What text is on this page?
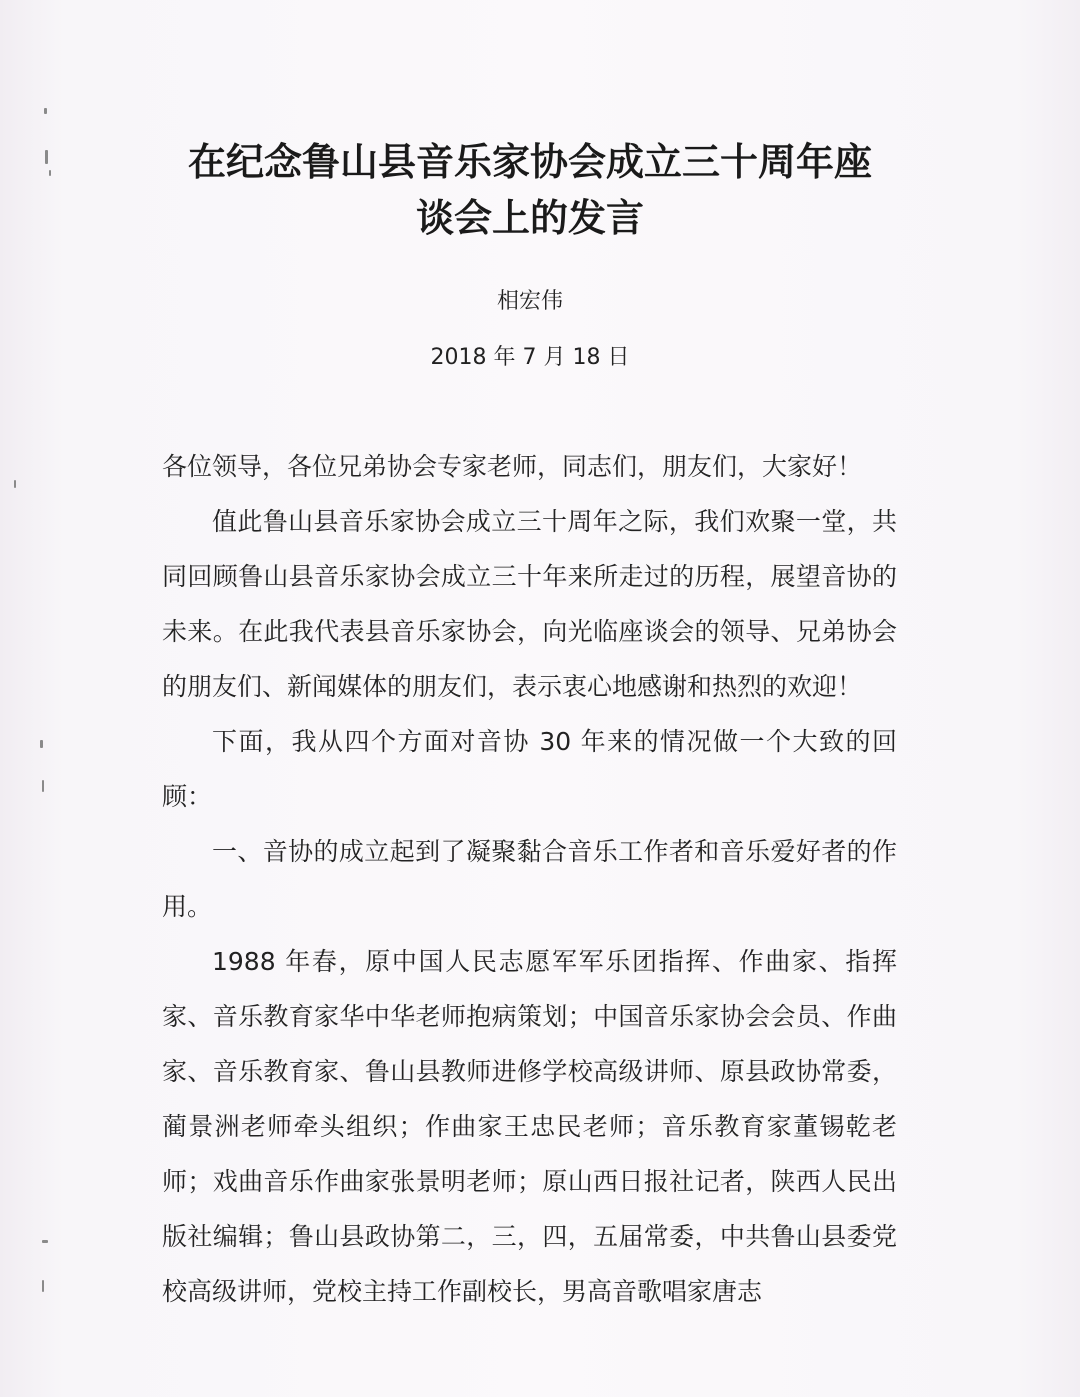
在纪念鲁山县音乐家协会成立三十周年座
谈会上的发言
相宏伟
2018 年 7 月 18 日

各位领导，各位兄弟协会专家老师，同志们，朋友们，大家好！

值此鲁山县音乐家协会成立三十周年之际，我们欢聚一堂，共同回顾鲁山县音乐家协会成立三十年来所走过的历程，展望音协的未来。在此我代表县音乐家协会，向光临座谈会的领导、兄弟协会的朋友们、新闻媒体的朋友们，表示衷心地感谢和热烈的欢迎！

下面，我从四个方面对音协 30 年来的情况做一个大致的回顾：

一、音协的成立起到了凝聚黏合音乐工作者和音乐爱好者的作用。

1988 年春，原中国人民志愿军军乐团指挥、作曲家、指挥家、音乐教育家华中华老师抱病策划；中国音乐家协会会员、作曲家、音乐教育家、鲁山县教师进修学校高级讲师、原县政协常委，蔺景洲老师牵头组织；作曲家王忠民老师；音乐教育家董锡乾老师；戏曲音乐作曲家张景明老师；原山西日报社记者，陕西人民出版社编辑；鲁山县政协第二，三，四，五届常委，中共鲁山县委党校高级讲师，党校主持工作副校长，男高音歌唱家唐志
